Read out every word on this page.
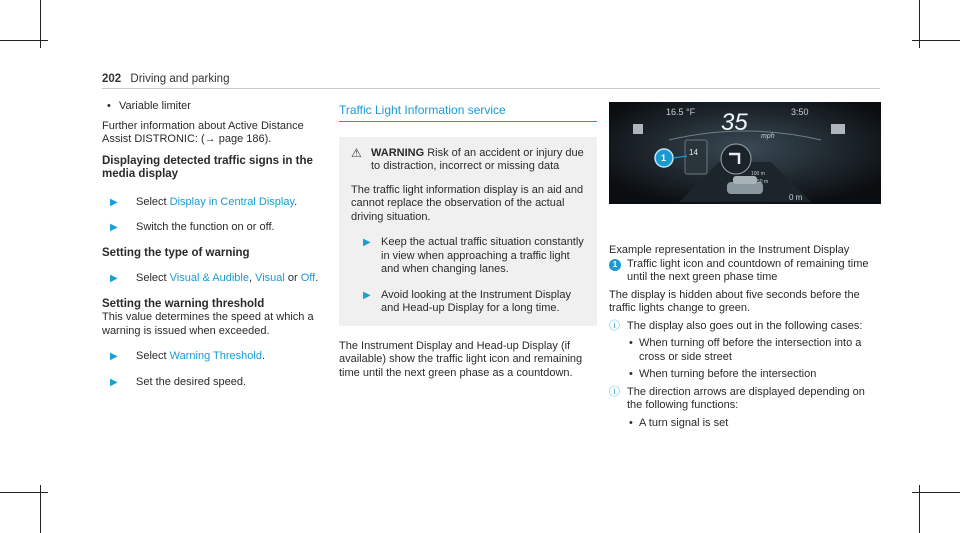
202 Driving and parking

• Variable limiter

Further information about Active Distance Assist DISTRONIC: (→ page 186).

Displaying detected traffic signs in the media display

▶ Select Display in Central Display.

▶ Switch the function on or off.

Setting the type of warning

▶ Select Visual & Audible, Visual or Off.

Setting the warning threshold

This value determines the speed at which a warning is issued when exceeded.

▶ Select Warning Threshold.

▶ Set the desired speed.

Traffic Light Information service
⚠ WARNING Risk of an accident or injury due to distraction, incorrect or missing data

The traffic light information display is an aid and cannot replace the observation of the actual driving situation.

▶ Keep the actual traffic situation constantly in view when approaching a traffic light and when changing lanes.

▶ Avoid looking at the Instrument Display and Head-up Display for a long time.

The Instrument Display and Head-up Display (if available) show the traffic light icon and remaining time until the next green phase as a countdown.

16.5 °F	3:50
35
mph
1
14
100 m
50 m
0 m

Example representation in the Instrument Display

1 Traffic light icon and countdown of remaining time until the next green phase time

The display is hidden about five seconds before the traffic lights change to green.

ⓘ The display also goes out in the following cases:

• When turning off before the intersection into a cross or side street

• When turning before the intersection

ⓘ The direction arrows are displayed depending on the following functions:

• A turn signal is set
